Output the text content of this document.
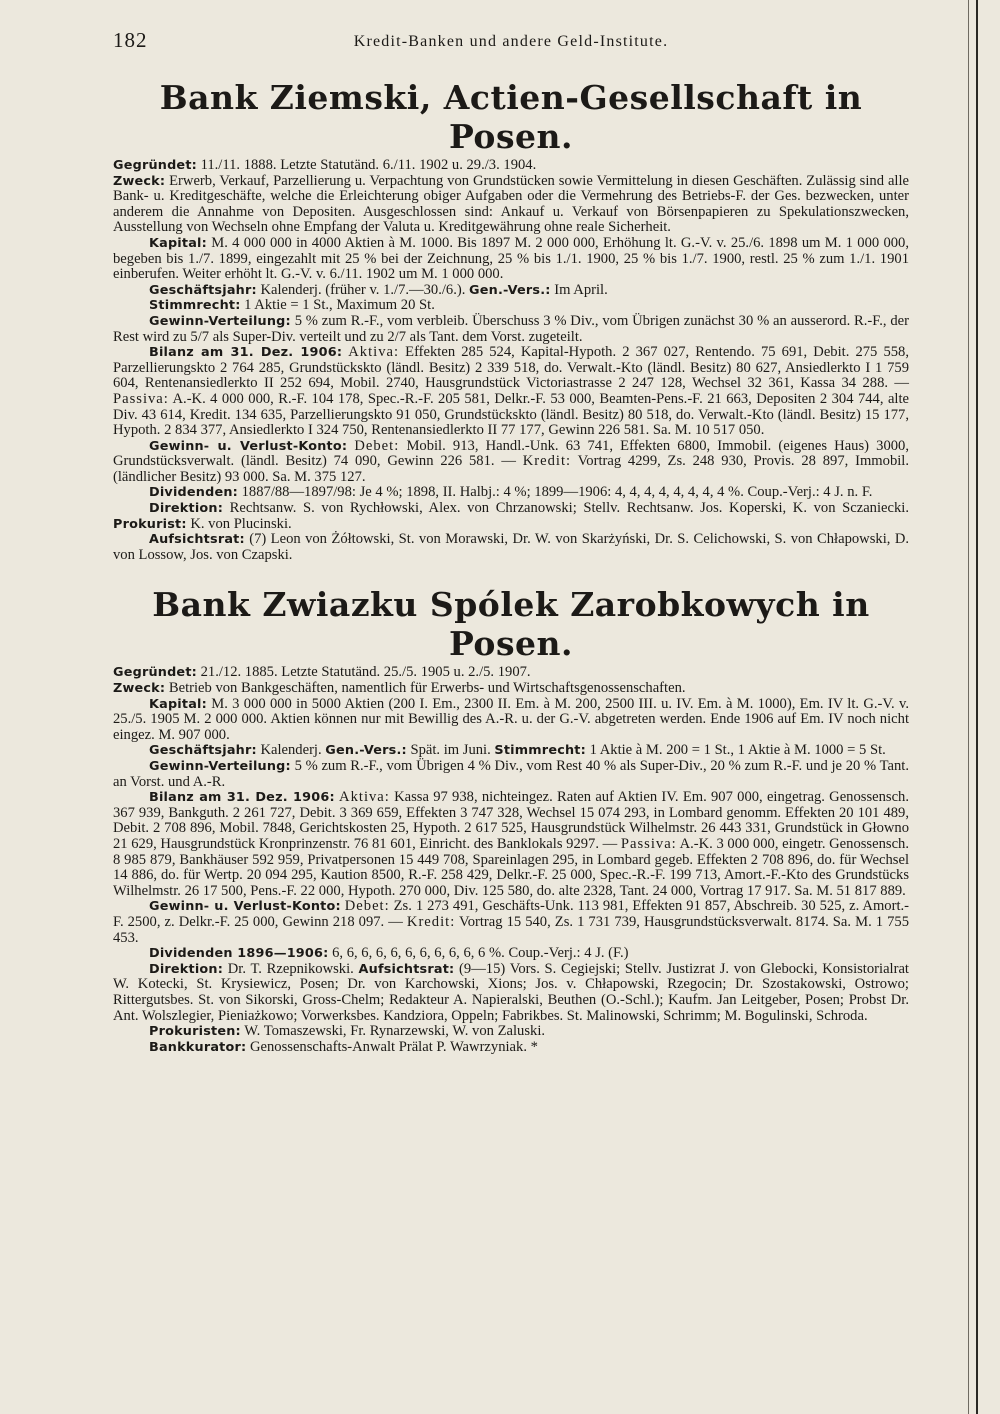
182	Kredit-Banken und andere Geld-Institute.
Bank Ziemski, Actien-Gesellschaft in Posen.

Gegründet: 11./11. 1888. Letzte Statutänd. 6./11. 1902 u. 29./3. 1904.

Zweck: Erwerb, Verkauf, Parzellierung u. Verpachtung von Grundstücken sowie Vermittelung in diesen Geschäften. Zulässig sind alle Bank- u. Kreditgeschäfte, welche die Erleichterung obiger Aufgaben oder die Vermehrung des Betriebs-F. der Ges. bezwecken, unter anderem die Annahme von Depositen. Ausgeschlossen sind: Ankauf u. Verkauf von Börsenpapieren zu Spekulationszwecken, Ausstellung von Wechseln ohne Empfang der Valuta u. Kreditgewährung ohne reale Sicherheit.

Kapital: M. 4 000 000 in 4000 Aktien à M. 1000. Bis 1897 M. 2 000 000, Erhöhung lt. G.-V. v. 25./6. 1898 um M. 1 000 000, begeben bis 1./7. 1899, eingezahlt mit 25 % bei der Zeichnung, 25 % bis 1./1. 1900, 25 % bis 1./7. 1900, restl. 25 % zum 1./1. 1901 einberufen. Weiter erhöht lt. G.-V. v. 6./11. 1902 um M. 1 000 000.

Geschäftsjahr: Kalenderj. (früher v. 1./7.—30./6.). Gen.-Vers.: Im April.

Stimmrecht: 1 Aktie = 1 St., Maximum 20 St.

Gewinn-Verteilung: 5 % zum R.-F., vom verbleib. Überschuss 3 % Div., vom Übrigen zunächst 30 % an ausserord. R.-F., der Rest wird zu 5/7 als Super-Div. verteilt und zu 2/7 als Tant. dem Vorst. zugeteilt.

Bilanz am 31. Dez. 1906: Aktiva: Effekten 285 524, Kapital-Hypoth. 2 367 027, Rentendo. 75 691, Debit. 275 558, Parzellierungskto 2 764 285, Grundstückskto (ländl. Besitz) 2 339 518, do. Verwalt.-Kto (ländl. Besitz) 80 627, Ansiedlerkto I 1 759 604, Rentenansiedlerkto II 252 694, Mobil. 2740, Hausgrundstück Victoriastrasse 2 247 128, Wechsel 32 361, Kassa 34 288. — Passiva: A.-K. 4 000 000, R.-F. 104 178, Spec.-R.-F. 205 581, Delkr.-F. 53 000, Beamten-Pens.-F. 21 663, Depositen 2 304 744, alte Div. 43 614, Kredit. 134 635, Parzellierungskto 91 050, Grundstückskto (ländl. Besitz) 80 518, do. Verwalt.-Kto (ländl. Besitz) 15 177, Hypoth. 2 834 377, Ansiedlerkto I 324 750, Rentenansiedlerkto II 77 177, Gewinn 226 581. Sa. M. 10 517 050.

Gewinn- u. Verlust-Konto: Debet: Mobil. 913, Handl.-Unk. 63 741, Effekten 6800, Immobil. (eigenes Haus) 3000, Grundstücksverwalt. (ländl. Besitz) 74 090, Gewinn 226 581. — Kredit: Vortrag 4299, Zs. 248 930, Provis. 28 897, Immobil. (ländlicher Besitz) 93 000. Sa. M. 375 127.

Dividenden: 1887/88—1897/98: Je 4 %; 1898, II. Halbj.: 4 %; 1899—1906: 4, 4, 4, 4, 4, 4, 4, 4 %. Coup.-Verj.: 4 J. n. F.

Direktion: Rechtsanw. S. von Rychłowski, Alex. von Chrzanowski; Stellv. Rechtsanw. Jos. Koperski, K. von Sczaniecki. Prokurist: K. von Plucinski.

Aufsichtsrat: (7) Leon von Żółtowski, St. von Morawski, Dr. W. von Skarżyński, Dr. S. Celichowski, S. von Chłapowski, D. von Lossow, Jos. von Czapski.

Bank Zwiazku Spólek Zarobkowych in Posen.

Gegründet: 21./12. 1885. Letzte Statutänd. 25./5. 1905 u. 2./5. 1907.

Zweck: Betrieb von Bankgeschäften, namentlich für Erwerbs- und Wirtschaftsgenossenschaften.

Kapital: M. 3 000 000 in 5000 Aktien (200 I. Em., 2300 II. Em. à M. 200, 2500 III. u. IV. Em. à M. 1000), Em. IV lt. G.-V. v. 25./5. 1905 M. 2 000 000. Aktien können nur mit Bewillig des A.-R. u. der G.-V. abgetreten werden. Ende 1906 auf Em. IV noch nicht eingez. M. 907 000.

Geschäftsjahr: Kalenderj. Gen.-Vers.: Spät. im Juni. Stimmrecht: 1 Aktie à M. 200 = 1 St., 1 Aktie à M. 1000 = 5 St.

Gewinn-Verteilung: 5 % zum R.-F., vom Übrigen 4 % Div., vom Rest 40 % als Super-Div., 20 % zum R.-F. und je 20 % Tant. an Vorst. und A.-R.

Bilanz am 31. Dez. 1906: Aktiva: Kassa 97 938, nichteingez. Raten auf Aktien IV. Em. 907 000, eingetrag. Genossensch. 367 939, Bankguth. 2 261 727, Debit. 3 369 659, Effekten 3 747 328, Wechsel 15 074 293, in Lombard genomm. Effekten 20 101 489, Debit. 2 708 896, Mobil. 7848, Gerichtskosten 25, Hypoth. 2 617 525, Hausgrundstück Wilhelmstr. 26 443 331, Grundstück in Głowno 21 629, Hausgrundstück Kronprinzenstr. 76 81 601, Einricht. des Banklokals 9297. — Passiva: A.-K. 3 000 000, eingetr. Genossensch. 8 985 879, Bankhäuser 592 959, Privatpersonen 15 449 708, Spareinlagen 295, in Lombard gegeb. Effekten 2 708 896, do. für Wechsel 14 886, do. für Wertp. 20 094 295, Kaution 8500, R.-F. 258 429, Delkr.-F. 25 000, Spec.-R.-F. 199 713, Amort.-F.-Kto des Grundstücks Wilhelmstr. 26 17 500, Pens.-F. 22 000, Hypoth. 270 000, Div. 125 580, do. alte 2328, Tant. 24 000, Vortrag 17 917. Sa. M. 51 817 889.

Gewinn- u. Verlust-Konto: Debet: Zs. 1 273 491, Geschäfts-Unk. 113 981, Effekten 91 857, Abschreib. 30 525, z. Amort.-F. 2500, z. Delkr.-F. 25 000, Gewinn 218 097. — Kredit: Vortrag 15 540, Zs. 1 731 739, Hausgrundstücksverwalt. 8174. Sa. M. 1 755 453.

Dividenden 1896—1906: 6, 6, 6, 6, 6, 6, 6, 6, 6, 6, 6 %. Coup.-Verj.: 4 J. (F.)

Direktion: Dr. T. Rzepnikowski. Aufsichtsrat: (9—15) Vors. S. Cegiejski; Stellv. Justizrat J. von Glebocki, Konsistorialrat W. Kotecki, St. Krysiewicz, Posen; Dr. von Karchowski, Xions; Jos. v. Chłapowski, Rzegocin; Dr. Szostakowski, Ostrowo; Rittergutsbes. St. von Sikorski, Gross-Chelm; Redakteur A. Napieralski, Beuthen (O.-Schl.); Kaufm. Jan Leitgeber, Posen; Probst Dr. Ant. Wolszlegier, Pieniażkowo; Vorwerksbes. Kandziora, Oppeln; Fabrikbes. St. Malinowski, Schrimm; M. Bogulinski, Schroda.

Prokuristen: W. Tomaszewski, Fr. Rynarzewski, W. von Zaluski.

Bankkurator: Genossenschafts-Anwalt Prälat P. Wawrzyniak. *
